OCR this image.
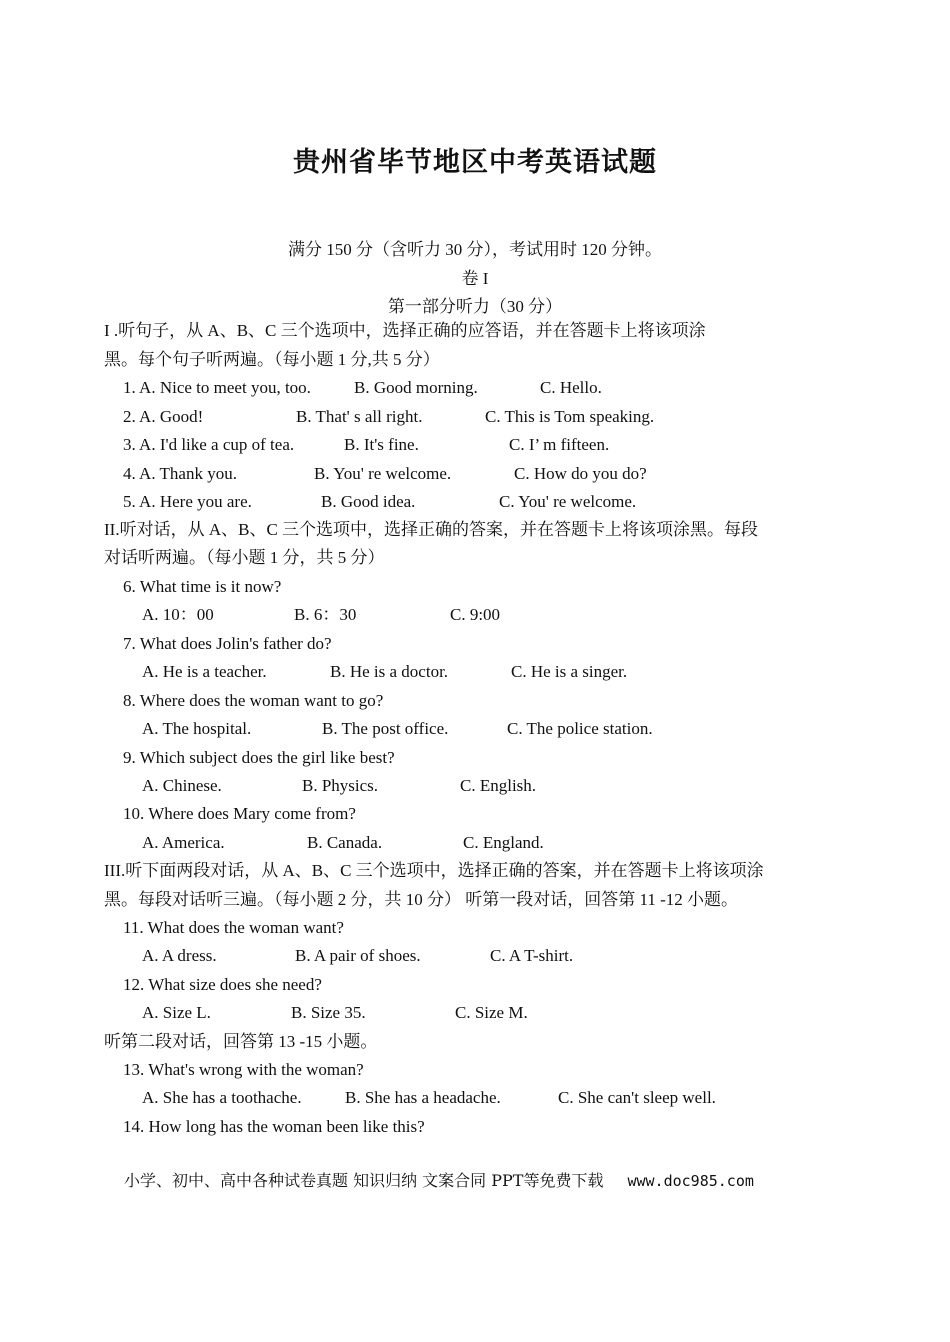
贵州省毕节地区中考英语试题
满分 150 分（含听力 30 分），考试用时 120 分钟。
卷 I
第一部分听力（30 分）
I .听句子，从 A、B、C 三个选项中，选择正确的应答语，并在答题卡上将该项涂
黑。每个句子听两遍。（每小题 1 分,共 5 分）
1. A. Nice to meet you, too.	B. Good morning.	C. Hello.
2. A. Good!	B. That' s all right.	C. This is Tom speaking.
3. A. I'd like a cup of tea.	B. It's fine.	C. I’ m fifteen.
4. A. Thank you.	B. You' re welcome.	C. How do you do?
5. A. Here you are.	B. Good idea.	C. You' re welcome.
II.听对话，从 A、B、C 三个选项中，选择正确的答案，并在答题卡上将该项涂黑。每段
对话听两遍。（每小题 1 分，共 5 分）
6. What time is it now?
A. 10：00	B. 6：30	C. 9:00
7. What does Jolin's father do?
A. He is a teacher.	B. He is a doctor.	C. He is a singer.
8. Where does the woman want to go?
A. The hospital.	B. The post office.	C. The police station.
9. Which subject does the girl like best?
A. Chinese.	B. Physics.	C. English.
10. Where does Mary come from?
A. America.	B. Canada.	C. England.
III.听下面两段对话，从 A、B、C 三个选项中，选择正确的答案，并在答题卡上将该项涂
黑。每段对话听三遍。（每小题 2 分，共 10 分） 听第一段对话，回答第 11 -12 小题。
11. What does the woman want?
A. A dress.	B. A pair of shoes.	C. A T-shirt.
12. What size does she need?
A. Size L.	B. Size 35.	C. Size M.
听第二段对话，回答第 13 -15 小题。
13. What's wrong with the woman?
A. She has a toothache.	B. She has a headache.	C. She can't sleep well.
14. How long has the woman been like this?
小学、初中、高中各种试卷真题 知识归纳 文案合同 PPT等免费下载 www.doc985.com
